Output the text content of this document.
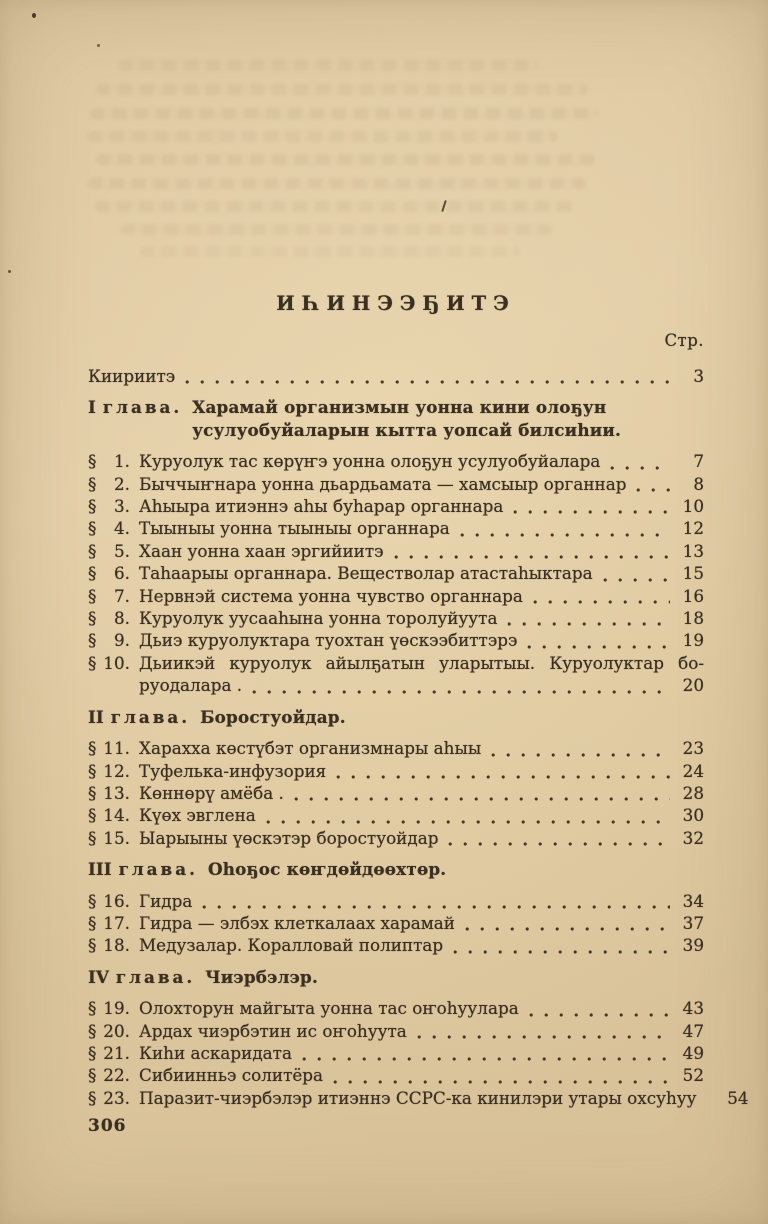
ИҺИНЭЭҔИТЭ
Стр.
Киириитэ	3
I глава. Харамай организмын уонна кини олоҕун усулуобуйаларын кытта уопсай билсиһии.
§	1. Куруолук тас көрүҥэ уонна олоҕун усулуобуйалара	7
§	2. Быччыҥнара уонна дьардьамата — хамсыыр органнар	8
§	3. Аһыыра итиэннэ аһы буһарар органнара	10
§	4. Тыыныы уонна тыыныы органнара	12
§	5. Хаан уонна хаан эргийиитэ	13
§	6. Таһаарыы органнара. Веществолар атастаһыктара	15
§	7. Нервнэй система уонна чувство органнара	16
§	8. Куруолук уусааһына уонна торолуйуута	18
§	9. Дьиэ куруолуктара туохтан үөскээбиттэрэ	19
§ 10. Дьиикэй куруолук айылҕатын уларытыы. Куруолуктар бо-
руодалара .	20
II глава. Боростуойдар.
§ 11. Харахха көстүбэт организмнары аһыы	23
§ 12. Туфелька-инфузория	24
§ 13. Көннөрү амёба .	28
§ 14. Күөх эвглена	30
§ 15. Ыарыыны үөскэтэр боростуойдар	32
III глава. Оһоҕос көҥдөйдөөхтөр.
§ 16. Гидра	34
§ 17. Гидра — элбэх клеткалаах харамай	37
§ 18. Медузалар. Коралловай полиптар	39
IV глава. Чиэрбэлэр.
§ 19. Олохторун майгыта уонна тас оҥоһуулара	43
§ 20. Ардах чиэрбэтин ис оҥоһуута	47
§ 21. Киһи аскаридата	49
§ 22. Сибиинньэ солитёра	52
§ 23. Паразит-чиэрбэлэр итиэннэ ССРС-ка кинилэри утары охсуһуу 54
306
